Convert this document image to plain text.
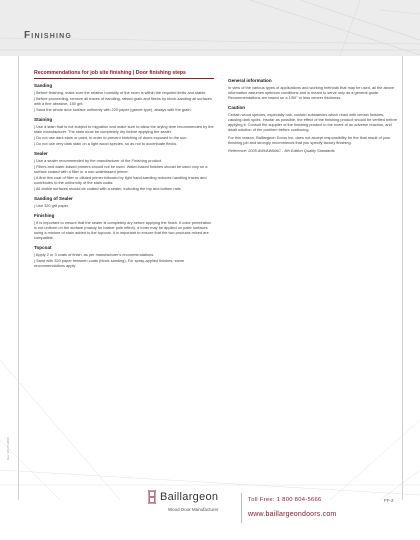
Finishing
Rev. 4th 07.2008
Recommendations for job site finishing | Door finishing steps
Sanding

| Before finishing, make sure the relative humidity of the room is within the required limits and stable.

| Before proceeding, remove all traces of handling, raised grain and flecks by block-sanding all surfaces with a fine abrasive, 150 grit.

| Sand the whole door surface uniformly with 220 paper (garnet type), always with the grain.

Staining

| Use a stain that is not subject to migration and make sure to allow the drying time recommended by the stain manufacturer. The stain must be completely dry before applying the sealer.

| Do not use dark stain or paint, in order to prevent blotching of doors exposed to the sun.

| Do not use very dark stain on a light wood species, so as not to accentuate flecks.

Sealer

| Use a sealer recommended by the manufacturer of the Finishing product.

| Fillers and water-based primers should not be used. Water-based finishes should be used only on a surface coated with a filler or a non-waterbased primer.

| A first thin coat of filler or diluted primer followed by light hand-sanding reduces handling traces and contributes to the uniformity of the stain coats.

| All visible surfaces should be coated with a sealer, including the top and bottom rails.

Sanding of Sealer

| Use 320 grit paper.

Finishing

| It is important to ensure that the sealer is completely dry before applying the finish. If color penetration is not uniform on the surface (mainly for barber pole effect), a toner may be applied on paler surfaces using a mixture of stain added to the topcoat. It is important to ensure that the two products mixed are compatible.

Topcoat

| Apply 2 or 3 coats of finish, as per manufacturer's recommendations.

| Sand with 320 paper between coats (block-sanding). For spray-applied finishes, same recommendations apply.

General information

In view of the various types of applications and working methods that may be used, all the above information assumes optimum conditions and is meant to serve only as a general guide. Recommendations are based on a 1/50" or less veneer thickness.

Caution

Certain wood species, especially oak, contain substances which react with certain finishes, causing dark spots. Insofar as possible, the effect of the finishing product should be verified before applying it. Consult the supplier of the finishing product in the event of an adverse reaction, and await solution of the problem before continuing.

For this reason, Baillargeon Doors Inc. does not accept responsibility for the final result of your finishing job and strongly recommends that you specify factory finishing.

Reference: 2005 AWI/AWMAC - 8th Edition Quality Standards

Baillargeon
Wood Door Manufacturer
Toll Free: 1 800 804-5666
www.baillargeondoors.com
FF-2
